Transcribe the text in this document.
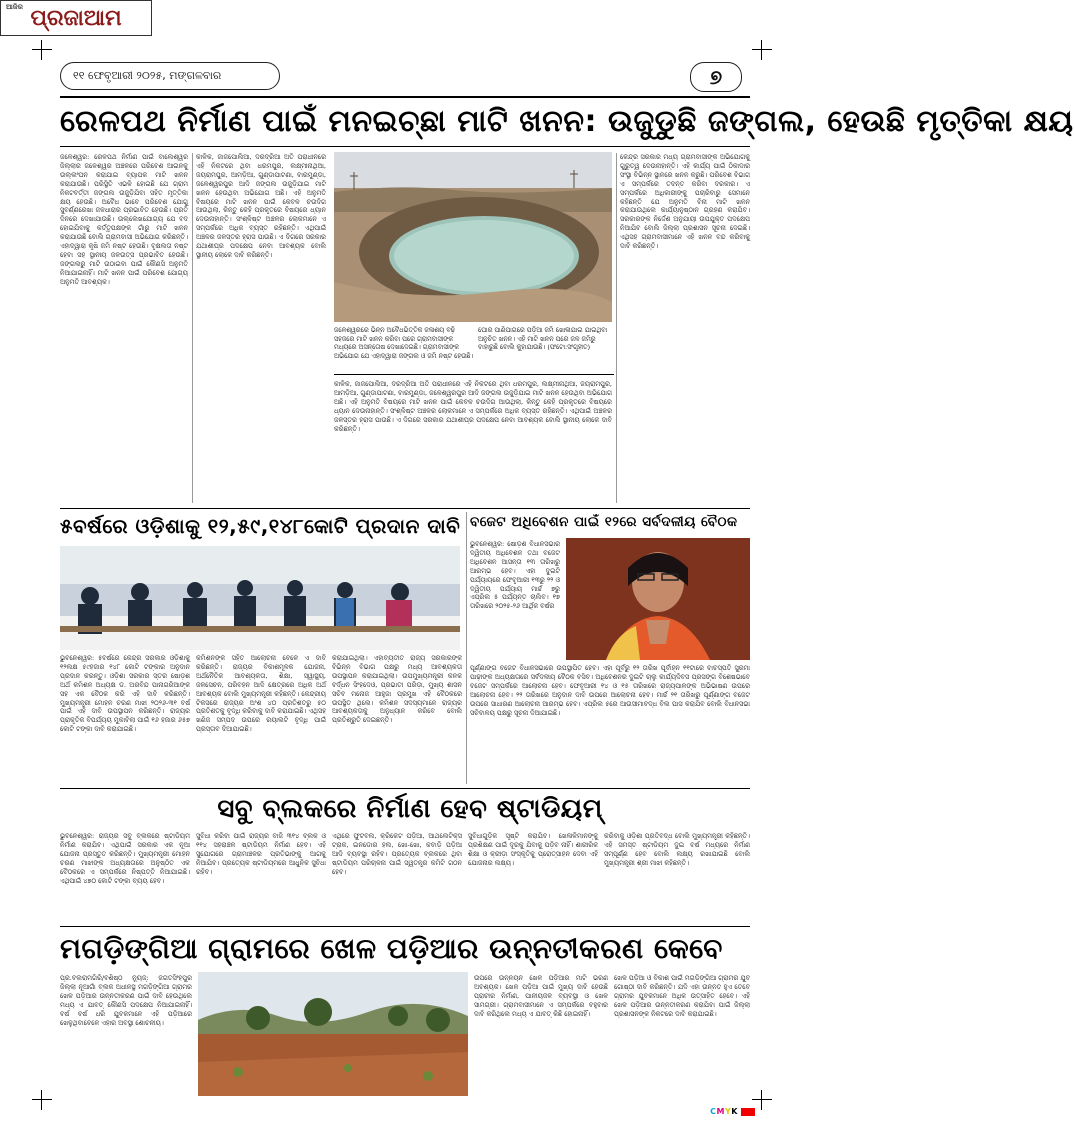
୧୧ ଫେବୃଆରୀ ୨୦୨୫, ମଙ୍ଗଳବାର
ଆଜିର ପ୍ରଜାଆମ
୭
ରେଳପଥ ନିର୍ମାଣ ପାଇଁ ମନଇଚ୍ଛା ମାଟି ଖନନ: ଉଜୁଡୁଛି ଜଙ୍ଗଲ, ହେଉଛି ମୃତ୍ତିକା କ୍ଷୟ
ଜଳେଶ୍ୱର: ରେଳପଥ ନିର୍ମାଣ ପାଇଁ ବାଲେଶ୍ୱର ଜିଲ୍ଲାର ଜଳେଶ୍ୱର ଅଞ୍ଚଳରେ ପରିବେଶ ଆଇନକୁ ଉଲ୍ଲଂଘନ କରାଯାଇ ବ୍ୟାପକ ମାଟି ଖନନ କରାଯାଉଛି। ପରିସ୍ଥିତି ଏଭଳି ହୋଇଛି ଯେ ଗ୍ରାମ ନିକଟବର୍ତ୍ତୀ ଜଙ୍ଗଲ ଉଜୁଡ଼ିଯିବା ସହିତ ମୃତ୍ତିକା କ୍ଷୟ ହେଉଛି। ଅବୈଧ ଭାବେ ପରିବେଶ ଯୋଗୁ ସୁବର୍ଣ୍ଣରେଖା ଜଳଧାରାର ପ୍ରଭାବିତ ହେଉଛି। ପ୍ରତି ଦିନରେ ଦେଖାଯାଉଛି। ଉଲ୍ଲେଖଯୋଗ୍ୟ ଯେ ବଦ ହୋଇଯିବାକୁ କର୍ତ୍ତୃପକ୍ଷଙ୍କ ଗାଁରୁ ମାଟି ଖନନ କରାଯାଉଛି ବୋଲି ଗ୍ରାମବାସୀ ଅଭିଯୋଗ କରିଛନ୍ତି। ଏହାଦ୍ୱାରା କୃଷି ଜମି ନଷ୍ଟ ହେଉଛି। ବୃକ୍ଷଲତା ନଷ୍ଟ ହେବା ସହ ସ୍ଥାନୀୟ ଜଳଉତ୍ସ ପ୍ରଭାବିତ ହେଉଛି। ଜଙ୍ଗଲରୁ ମାଟି ଉଠାଇବା ପାଇଁ କୌଣସି ଅନୁମତି ନିଆଯାଇନାହିଁ। ମାଟି ଖନନ ପାଇଁ ପରିବେଶ ଯୋଗ୍ୟ ଅନୁମତି ଆବଶ୍ୟକ।
କାଳିକ, ଜାଜପୋଲିଆ, ଦରଦ୍ରିଆ ଅତି ପରାଧୀନରେ ଏହି ନିକଟରେ ଥିବା ଧରମପୁର, ଲକ୍ଷ୍ମୀନାଥିଆ, ଜୟରାମପୁର, ଆମଡ଼ିଆ, ଗୁଣ୍ଡାପାଟଣା, ବାରମୁଣ୍ଡା, ଜଳେଶ୍ୱରପୁର ଆଦି ଜଙ୍ଗଲ ଉଜୁଡ଼ିଯାଇ ମାଟି ଖନନ ହେଉଥିବା ଅଭିଯୋଗ ଅଛି। ଏହି ଅନୁମତି ବିଷୟରେ ମାଟି ଖନନ ପାଇଁ କେବଳ ଚଉଦିଗ ଆଉଥିଲା, କିନ୍ତୁ କେହି ପ୍ରକୃତରେ ବିଷୟରେ ଧ୍ୟାନ ଦେଉନାହାନ୍ତି। ସଂଶ୍ଳିଷ୍ଟ ଅଞ୍ଚଳର ଲୋକମାନେ ଏ ସମ୍ପର୍କରେ ଅଧିକ ବ୍ୟସ୍ତ ରହିଛନ୍ତି। ଏଥିପାଇଁ ଅଞ୍ଚଳର ଜଳସ୍ତର ହ୍ରାସ ପାଉଛି। ଏ ଦିଗରେ ସରକାର ଯଥାଶୀଘ୍ର ପଦକ୍ଷେପ ନେବା ଆବଶ୍ୟକ ବୋଲି ସ୍ଥାନୀୟ ଲୋକେ ଦାବି କରିଛନ୍ତି।
ଜଳେଶ୍ୱରରେ ଭିନ୍ନ ଅବୈଧଭିତ୍ତିକ ଜଳାଶୟ ବଢ଼ି ସହଜରେ ମାଟି ଖନନ କରିବା ପରେ ଗ୍ରାମବାସୀଙ୍କ ମଧ୍ୟରେ ଅସନ୍ତୋଷ ଦେଖାଦେଇଛି। ଗ୍ରାମବାସୀଙ୍କ ଅଭିଯୋଗ ଯେ ଏହାଦ୍ୱାରା ଜଙ୍ଗଲ ଓ ଜମି ନଷ୍ଟ ହେଉଛି।
ଘୋର ପାଣିପାଗରେ ପଡ଼ିଆ ଜମି ଖୋଳାଯାଇ ଯାଇଥିବା ଅନୁଚିତ ଖନନ। ଏହି ମାଟି ଖନନ ପରେ ଜଳ ଜମିରୁ ବାହାରୁଛି ବୋଲି କୁହାଯାଉଛି। (ଫଟୋ:ସଂଗୃହୀତ)
କେନ୍ଦ୍ର ସରକାର ମଧ୍ୟ ଗ୍ରାମବାସୀଙ୍କ ଅଭିଯୋଗକୁ ଗୁରୁତ୍ୱ ଦେଉନାହାନ୍ତି। ଏହି କାର୍ଯ୍ୟ ପାଇଁ ଠିକାଦାର ସଂସ୍ଥା ବିଭିନ୍ନ ସ୍ଥାନରେ ଖନନ କରୁଛି। ପରିବେଶ ବିଭାଗ ଏ ସମ୍ପର୍କରେ ତଦନ୍ତ କରିବା ଦରକାର। ଏ ସମ୍ପର୍କରେ ଅଧିକାରୀଙ୍କୁ ପଚାରିବାରୁ ସେମାନେ କହିଛନ୍ତି ଯେ ଅନୁମତି ବିନା ମାଟି ଖନନ କରାଯାଉଥିଲେ କାର୍ଯ୍ୟାନୁଷ୍ଠାନ ଗ୍ରହଣ କରାଯିବ। ସରକାରଙ୍କ ନିର୍ଦ୍ଦେଶ ଅନୁଯାୟୀ ଉପଯୁକ୍ତ ପଦକ୍ଷେପ ନିଆଯିବ ବୋଲି ଜିଲ୍ଲା ପ୍ରଶାସନ ସୂଚନା ଦେଇଛି। ଏଥିସହ ଗ୍ରାମବାସୀମାନେ ଏହି ଖନନ ବନ୍ଦ କରିବାକୁ ଦାବି କରିଛନ୍ତି।
କାଳିକ, ଜାଜପୋଲିଆ, ଦରଦ୍ରିଆ ଅତି ପରାଧୀନରେ ଏହି ନିକଟରେ ଥିବା ଧରମପୁର, ଲକ୍ଷ୍ମୀନାଥିଆ, ଜୟରାମପୁର, ଆମଡ଼ିଆ, ଗୁଣ୍ଡାପାଟଣା, ବାରମୁଣ୍ଡା, ଜଳେଶ୍ୱରପୁର ଆଦି ଜଙ୍ଗଲ ଉଜୁଡ଼ିଯାଇ ମାଟି ଖନନ ହେଉଥିବା ଅଭିଯୋଗ ଅଛି। ଏହି ଅନୁମତି ବିଷୟରେ ମାଟି ଖନନ ପାଇଁ କେବଳ ଚଉଦିଗ ଆଉଥିଲା, କିନ୍ତୁ କେହି ପ୍ରକୃତରେ ବିଷୟରେ ଧ୍ୟାନ ଦେଉନାହାନ୍ତି। ସଂଶ୍ଳିଷ୍ଟ ଅଞ୍ଚଳର ଲୋକମାନେ ଏ ସମ୍ପର୍କରେ ଅଧିକ ବ୍ୟସ୍ତ ରହିଛନ୍ତି। ଏଥିପାଇଁ ଅଞ୍ଚଳର ଜଳସ୍ତର ହ୍ରାସ ପାଉଛି। ଏ ଦିଗରେ ସରକାର ଯଥାଶୀଘ୍ର ପଦକ୍ଷେପ ନେବା ଆବଶ୍ୟକ ବୋଲି ସ୍ଥାନୀୟ ଲୋକେ ଦାବି କରିଛନ୍ତି।
୫ବର୍ଷରେ ଓଡ଼ିଶାକୁ ୧୨,୫୯,୧୪୮କୋଟି ପ୍ରଦାନ ଦାବି
ଭୁବନେଶ୍ୱର: ୫ବର୍ଷରେ କେନ୍ଦ୍ର ସରକାର ଓଡ଼ିଶାକୁ ୧୨ଲକ୍ଷ ୫୯ହଜାର ୧୪୮ କୋଟି ଟଙ୍କାର ଅନୁଦାନ ପ୍ରଦାନ କରନ୍ତୁ। ଓଡ଼ିଶା ସରକାର ସ୍ତର ଷୋଡ଼ଶ ଅର୍ଥ କମିଶନ ଅଧ୍ୟକ୍ଷ ଡ. ଅରବିନ୍ଦ ପାନାଗରିଆଙ୍କ ସହ ଏକ ବୈଠକ କରି ଏହି ଦାବି କରିଛନ୍ତି। ମୁଖ୍ୟମନ୍ତ୍ରୀ ମୋହନ ଚରଣ ମାଝୀ ୨୦୨୬-୩୧ ବର୍ଷ ପାଇଁ ଏହି ଦାବି ଉପସ୍ଥାପନ କରିଛନ୍ତି। ରାଜ୍ୟର ପ୍ରାକୃତିକ ବିପର୍ଯ୍ୟୟ ମୁକାବିଲା ପାଇଁ ୧୬ ହଜାର ୬୫୭ କୋଟି ଟଙ୍କା ଦାବି କରାଯାଇଛି।
କମିଶନଙ୍କ ସହିତ ଆଲୋଚନା ବେଳେ ଏ ଦାବି କରିଛନ୍ତି। ରାଜ୍ୟର ବିକାଶମୂଳକ ଯୋଜନା, ଅର୍ଥନୈତିକ ଆବଶ୍ୟକତା, ଶିକ୍ଷା, ସ୍ୱାସ୍ଥ୍ୟ, ଜଳସେଚନ, ପରିବହନ ଆଦି କ୍ଷେତ୍ରରେ ଅଧିକ ଅର୍ଥ ଆବଶ୍ୟକ ବୋଲି ମୁଖ୍ୟମନ୍ତ୍ରୀ କହିଛନ୍ତି। କେନ୍ଦ୍ରୀୟ ଟିକସରେ ରାଜ୍ୟର ଅଂଶ ୪୦ ପ୍ରତିଶତରୁ ୫୦ ପ୍ରତିଶତକୁ ବୃଦ୍ଧି କରିବାକୁ ଦାବି କରାଯାଇଛି। ଏଥିସହ ଖଣିଜ ସମ୍ପଦ ଉପରେ ରୟାଲଟି ବୃଦ୍ଧି ପାଇଁ ପ୍ରସ୍ତାବ ଦିଆଯାଇଛି।
କରାଯାଇଥିଲା। ଏହାବ୍ୟତୀତ ରାଜ୍ୟ ସରକାରଙ୍କ ବିଭିନ୍ନ ବିଭାଗ ପକ୍ଷରୁ ମଧ୍ୟ ଆବଶ୍ୟକତା ଉପସ୍ଥାପନ କରାଯାଇଥିଲା। ଉପମୁଖ୍ୟମନ୍ତ୍ରୀ କନକ ବର୍ଦ୍ଧନ ସିଂହଦେଓ, ପ୍ରଭାତୀ ପରିଡ଼ା, ମୁଖ୍ୟ ଶାସନ ସଚିବ ମନୋଜ ଆହୁଜା ପ୍ରମୁଖ ଏହି ବୈଠକରେ ଉପସ୍ଥିତ ଥିଲେ। କମିଶନ ସଦସ୍ୟମାନେ ରାଜ୍ୟର ଆବଶ୍ୟକତାକୁ ଅନୁଧ୍ୟାନ କରିବେ ବୋଲି ପ୍ରତିଶ୍ରୁତି ଦେଇଛନ୍ତି।
ବଜେଟ ଅଧିବେଶନ ପାଇଁ ୧୨ରେ ସର୍ବଦଳୀୟ ବୈଠକ
ଭୁବନେଶ୍ୱର: ଷୋଡ଼ଶ ବିଧାନସଭାର ଦ୍ୱିତୀୟ ଅଧିବେଶନ ତଥା ବଜେଟ ଅଧିବେଶନ ଆସନ୍ତା ୧୩ ତାରିଖରୁ ଆରମ୍ଭ ହେବ। ଏହା ଦୁଇଟି ପର୍ଯ୍ୟାୟରେ ଫେବୃଆରୀ ୧୩ରୁ ୨୨ ଓ ଦ୍ୱିତୀୟ ପର୍ଯ୍ୟାୟ ମାର୍ଚ୍ଚ ୭ରୁ ଏପ୍ରିଲ ୫ ପର୍ଯ୍ୟନ୍ତ ଚାଲିବ। ୧୭ ତାରିଖରେ ୨୦୨୫-୨୬ ଆର୍ଥିକ ବର୍ଷର
ପୂର୍ଣ୍ଣାଙ୍ଗ ବଜେଟ ବିଧାନସଭାରେ ଉପସ୍ଥାପିତ ହେବ। ଏହା ପୂର୍ବରୁ ୧୨ ତାରିଖ ପୂର୍ବାହ୍ନ ୧୧ଟାରେ ବାଚସ୍ପତି ସୁରମା ପାଢ଼ୀଙ୍କ ଅଧ୍ୟକ୍ଷତାରେ ସର୍ବଦଳୀୟ ବୈଠକ ବସିବ। ଅଧିବେଶନର ଦୁଇଟି ଚାଲୁ କାର୍ଯ୍ୟଦିବସ ପ୍ରସଙ୍ଗ ବିଶେଷଭାବେ ବଜେଟ ସମ୍ପର୍କରେ ଆଲୋଚନା ହେବ। ଫେବୃଆରୀ ୧୪ ଓ ୧୫ ତାରିଖରେ ରାଜ୍ୟପାଳଙ୍କ ଅଭିଭାଷଣ ଉପରେ ଆଲୋଚନା ହେବ। ୨୨ ତାରିଖରେ ଅନୁଦାନ ଦାବି ଉପରେ ଆଲୋଚନା ହେବ। ମାର୍ଚ୍ଚ ୨୧ ତାରିଖରୁ ପୂର୍ଣ୍ଣାଙ୍ଗ ବଜେଟ ଉପରେ ସାଧାରଣ ଆଲୋଚନା ଆରମ୍ଭ ହେବ। ଏପ୍ରିଲ ୫ରେ ଆଉସୀମାବଦ୍ଧ ବିଲ ପାସ କରାଯିବ ବୋଲି ବିଧାନସଭା ସଚିବାଳୟ ପକ୍ଷରୁ ସୂଚନା ଦିଆଯାଇଛି।
ସବୁ ବ୍ଲକରେ ନିର୍ମାଣ ହେବ ଷ୍ଟାଡିୟମ୍
ଭୁବନେଶ୍ୱର: ରାଜ୍ୟର ସବୁ ବ୍ଲକରେ ଷ୍ଟାଡିୟମ ନିର୍ମାଣ କରାଯିବ। ଏଥିପାଇଁ ସରକାର ଏକ ନୂଆ ଯୋଜନା ପ୍ରସ୍ତୁତ କରିଛନ୍ତି। ମୁଖ୍ୟମନ୍ତ୍ରୀ ମୋହନ ଚରଣ ମାଝୀଙ୍କ ଅଧ୍ୟକ୍ଷତାରେ ଅନୁଷ୍ଠିତ ଏକ ବୈଠକରେ ଏ ସମ୍ପର୍କରେ ନିଷ୍ପତ୍ତି ନିଆଯାଇଛି। ଏଥିପାଇଁ ୪୭୦ କୋଟି ଟଙ୍କା ବ୍ୟୟ ହେବ।
ସୁବିଧା କରିବା ପାଇଁ ରାଜ୍ୟର ବାଜି ୩୧୪ ବ୍ଲକ ଓ ୧୧୪ ସହରାଞ୍ଚଳ ଷ୍ଟାଡିୟମ ନିର୍ମାଣ ହେବ। ଏହି ସୁଯୋଗରେ ଗ୍ରାମାଞ୍ଚଳର ପ୍ରତିଭାଙ୍କୁ ଆଗକୁ ନିଆଯିବ। ପ୍ରତ୍ୟେକ ଷ୍ଟାଡିୟମରେ ଆଧୁନିକ ସୁବିଧା ରହିବ।
ଏଥିରେ ଫୁଟବଲ, କ୍ରିକେଟ ପଡ଼ିଆ, ଆଥଲେଟିକ୍ସ ଟ୍ରାକ, ଇନଡୋର ହଲ, ଖୋ-ଖୋ, କବାଡ଼ି ପଡ଼ିଆ ଆଦି ବ୍ୟବସ୍ଥା ରହିବ। ପ୍ରତ୍ୟେକ ବ୍ଲକରେ ଥିବା ଷ୍ଟାଡିୟମ ପରିଚାଳନା ପାଇଁ ସ୍ୱତନ୍ତ୍ର କମିଟି ଗଠନ ହେବ।
ସୁବିଧାଗୁଡ଼ିକ ସୃଷ୍ଟି କରାଯିବ। ଖେଳାଳିମାନଙ୍କୁ ପ୍ରଶିକ୍ଷଣ ପାଇଁ ଦୂରକୁ ଯିବାକୁ ପଡ଼ିବ ନାହିଁ। ଶାରୀରିକ ଶିକ୍ଷା ଓ କ୍ରୀଡ଼ା ସଂସ୍କୃତିକୁ ପ୍ରୋତ୍ସାହନ ଦେବା ଏହି ଯୋଜନାର ଲକ୍ଷ୍ୟ।
କରିବାକୁ ଓଡ଼ିଶା ପ୍ରତିବଦ୍ଧ ବୋଲି ମୁଖ୍ୟମନ୍ତ୍ରୀ କହିଛନ୍ତି। ଏହି ସମସ୍ତ ଷ୍ଟାଡିୟମ ଦୁଇ ବର୍ଷ ମଧ୍ୟରେ ନିର୍ମାଣ ସମ୍ପୂର୍ଣ୍ଣ ହେବ ବୋଲି ଲକ୍ଷ୍ୟ ରଖାଯାଇଛି ବୋଲି ମୁଖ୍ୟମନ୍ତ୍ରୀ ଶ୍ରୀ ମାଝୀ କହିଛନ୍ତି।
ମଗଡ଼ିଙ୍ଗିଆ ଗ୍ରାମରେ ଖେଳ ପଡ଼ିଆର ଉନ୍ନତୀକରଣ କେବେ
ପ୍ର.ବଲରାମଗିରି/ବଶିଷ୍ଠ ନ୍ୟୁଜ୍: ଜଗତସିଂହପୁର ଜିଲ୍ଲା ନୂଆଗାଁ ବ୍ଲକ ଅଧୀନସ୍ଥ ମଗଡ଼ିଙ୍ଗିଆ ଗ୍ରାମର ଖେଳ ପଡ଼ିଆର ଉନ୍ନତୀକରଣ ପାଇଁ ଦାବି ହେଉଥିଲେ ମଧ୍ୟ ଏ ଯାବତ୍ କୌଣସି ପଦକ୍ଷେପ ନିଆଯାଇନାହିଁ। ବର୍ଷ ବର୍ଷ ଧରି ଯୁବକମାନେ ଏହି ପଡ଼ିଆରେ ଖେଳୁଥିବାବେଳେ ଏହାର ଅବସ୍ଥା ଶୋଚନୀୟ।
ଉପରେ ଉନ୍ନୟନ ଖେଳ ପଡ଼ିଆର ମାଟି ଭରଣ ଅବଶ୍ୟକ। ଖେଳ ପଡ଼ିଆ ପାଇଁ ମୁଖ୍ୟ ଦାବି ହେଉଛି ପ୍ରାଚୀର ନିର୍ମାଣ, ପାନୀୟଜଳ ବ୍ୟବସ୍ଥା ଓ ଖେଳ ସାମଗ୍ରୀ। ଗ୍ରାମବାସୀମାନେ ଏ ସମ୍ପର୍କରେ ବହୁବାର ଦାବି କରିଥିଲେ ମଧ୍ୟ ଏ ଯାବତ୍ କିଛି ହୋଇନାହିଁ।
ଖେଳ ପଡ଼ିଆ ଓ ବିକାଶ ପାଇଁ ମଗଡ଼ିଙ୍ଗିଆ ଗ୍ରାମର ଯୁବ ଗୋଷ୍ଠୀ ଦାବି କରିଛନ୍ତି। ଯଦି ଏହା ଉନ୍ନତ ହୁଏ ତେବେ ଗ୍ରାମର ଯୁବକମାନେ ଅଧିକ ଉତ୍ସାହିତ ହେବେ। ଏହି ଖେଳ ପଡ଼ିଆର ଉନ୍ନତୀକରଣ କରାଯିବା ପାଇଁ ଜିଲ୍ଲା ପ୍ରଶାସନଙ୍କ ନିକଟରେ ଦାବି କରାଯାଇଛି।
CMYK
